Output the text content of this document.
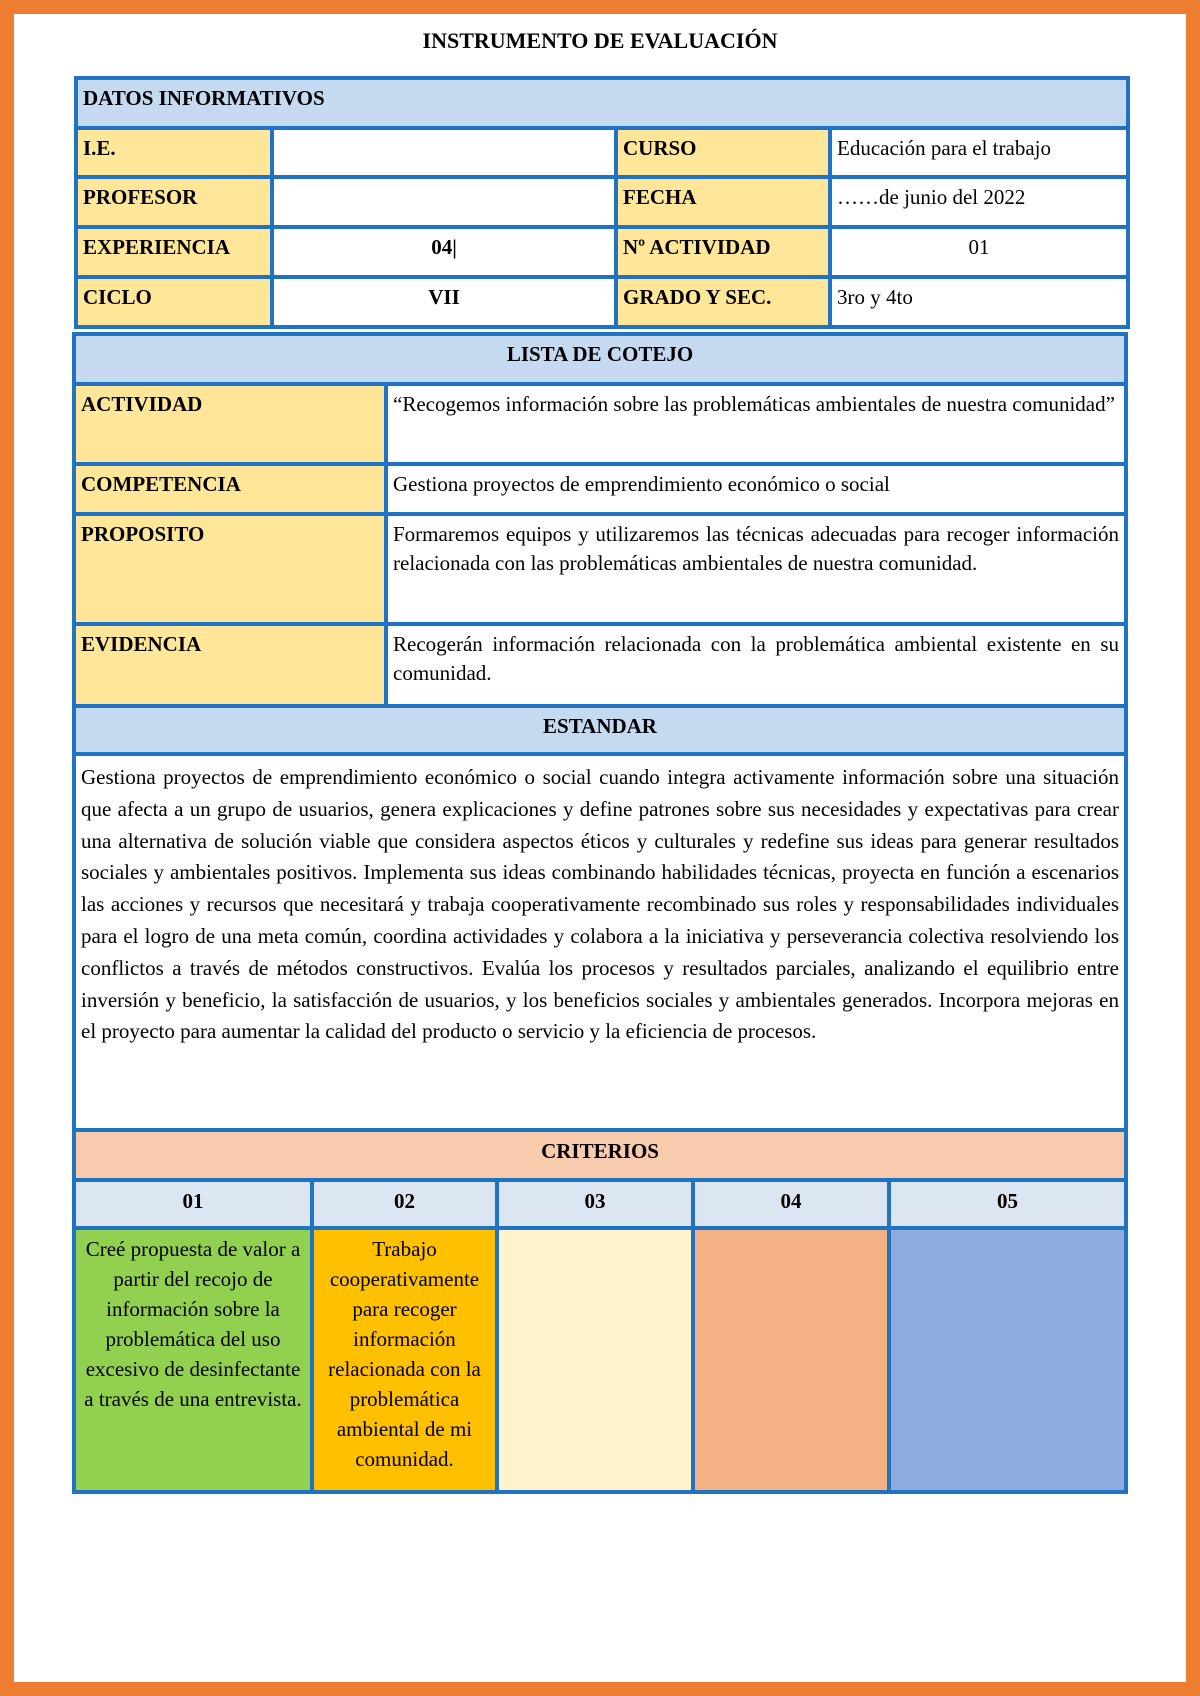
INSTRUMENTO DE EVALUACIÓN
DATOS INFORMATIVOS			
I.E.		CURSO	Educación para el trabajo
PROFESOR		FECHA	……de junio del 2022
EXPERIENCIA	04|	Nº ACTIVIDAD	01
CICLO	VII	GRADO Y SEC.	3ro y 4to
LISTA DE COTEJO	
ACTIVIDAD	“Recogemos información sobre las problemáticas ambientales de nuestra comunidad”
COMPETENCIA	Gestiona proyectos de emprendimiento económico o social
PROPOSITO	Formaremos equipos y utilizaremos las técnicas adecuadas para recoger información relacionada con las problemáticas ambientales de nuestra comunidad.
EVIDENCIA	Recogerán información relacionada con la problemática ambiental existente en su comunidad.
ESTANDAR	
Gestiona proyectos de emprendimiento económico o social cuando integra activamente información sobre una situación que afecta a un grupo de usuarios, genera explicaciones y define patrones sobre sus necesidades y expectativas para crear una alternativa de solución viable que considera aspectos éticos y culturales y redefine sus ideas para generar resultados sociales y ambientales positivos. Implementa sus ideas combinando habilidades técnicas, proyecta en función a escenarios las acciones y recursos que necesitará y trabaja cooperativamente recombinado sus roles y responsabilidades individuales para el logro de una meta común, coordina actividades y colabora a la iniciativa y perseverancia colectiva resolviendo los conflictos a través de métodos constructivos. Evalúa los procesos y resultados parciales, analizando el equilibrio entre inversión y beneficio, la satisfacción de usuarios, y los beneficios sociales y ambientales generados. Incorpora mejoras en el proyecto para aumentar la calidad del producto o servicio y la eficiencia de procesos.	
CRITERIOS				
01	02	03	04	05
Creé propuesta de valor a partir del recojo de información sobre la problemática del uso excesivo de desinfectante a través de una entrevista.	Trabajo cooperativamente para recoger información relacionada con la problemática ambiental de mi comunidad.			
